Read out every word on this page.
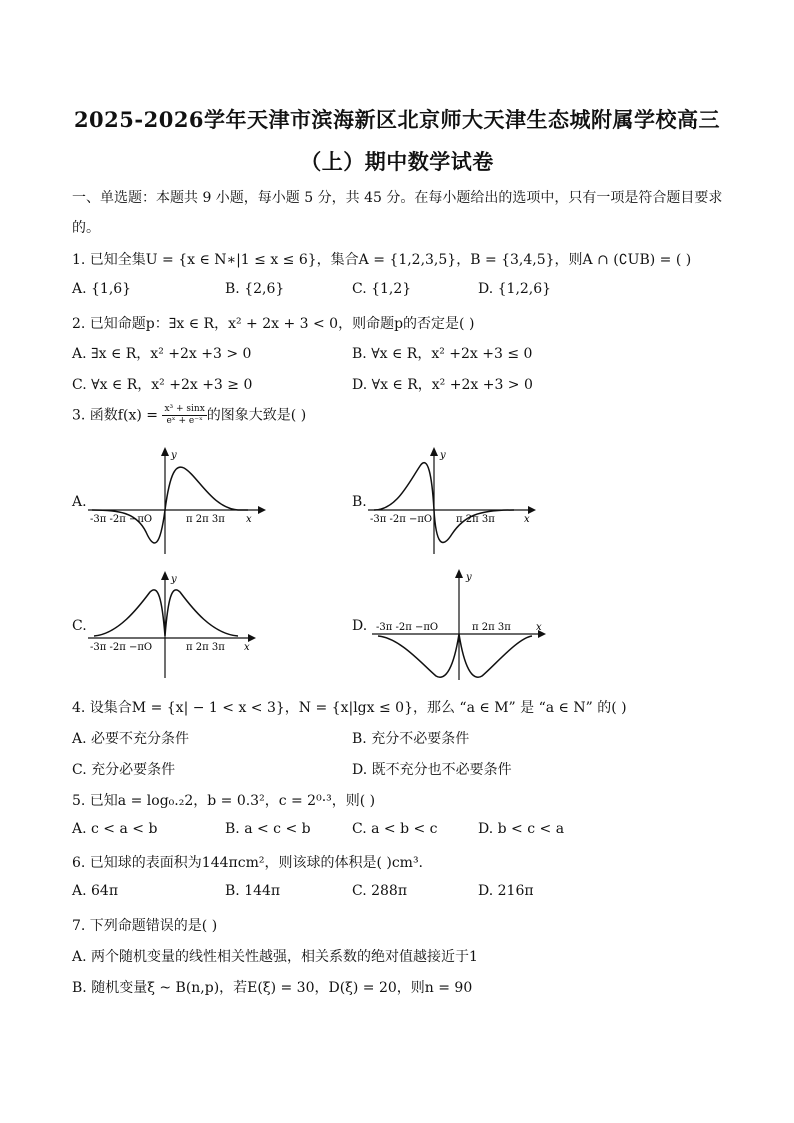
2025-2026学年天津市滨海新区北京师大天津生态城附属学校高三
（上）期中数学试卷
一、单选题：本题共 9 小题，每小题 5 分，共 45 分。在每小题给出的选项中，只有一项是符合题目要求
的。
1. 已知全集U = {x ∈ N∗|1 ≤ x ≤ 6}，集合A = {1,2,3,5}，B = {3,4,5}，则A ∩ (∁UB) = ( )
A. {1,6}	B. {2,6}	C. {1,2}	D. {1,2,6}
2. 已知命题p：∃x ∈ R，x² + 2x + 3 < 0，则命题p的否定是( )
A. ∃x ∈ R，x² +2x +3 > 0	B. ∀x ∈ R，x² +2x +3 ≤ 0
C. ∀x ∈ R，x² +2x +3 ≥ 0	D. ∀x ∈ R，x² +2x +3 > 0
3. 函数$f(x) = \frac{\text{x³ + sinx}}{\text{eˣ + e⁻ˣ}}$ 的图象大致是( )
A.	B.
C.	D.
y
x
-3π -2π −πO	π 2π 3π
y
x
-3π -2π −πO π 2π 3π
y
x
-3π -2π −πO	π 2π 3π
y
x
-3π -2π −πO	π 2π 3π
4. 设集合M = {x| − 1 < x < 3}，N = {x|lgx ≤ 0}，那么 “a ∈ M” 是 “a ∈ N” 的( )
A. 必要不充分条件	B. 充分不必要条件
C. 充分必要条件	D. 既不充分也不必要条件
5. 已知a = log₀.₂2，b = 0.3²，c = 2⁰·³，则( )
A. c < a < b	B. a < c < b	C. a < b < c	D. b < c < a
6. 已知球的表面积为144πcm²，则该球的体积是( )cm³.
A. 64π	B. 144π	C. 288π	D. 216π
7. 下列命题错误的是( )
A. 两个随机变量的线性相关性越强，相关系数的绝对值越接近于1
B. 随机变量ξ ~ B(n,p)，若E(ξ) = 30，D(ξ) = 20，则n = 90
